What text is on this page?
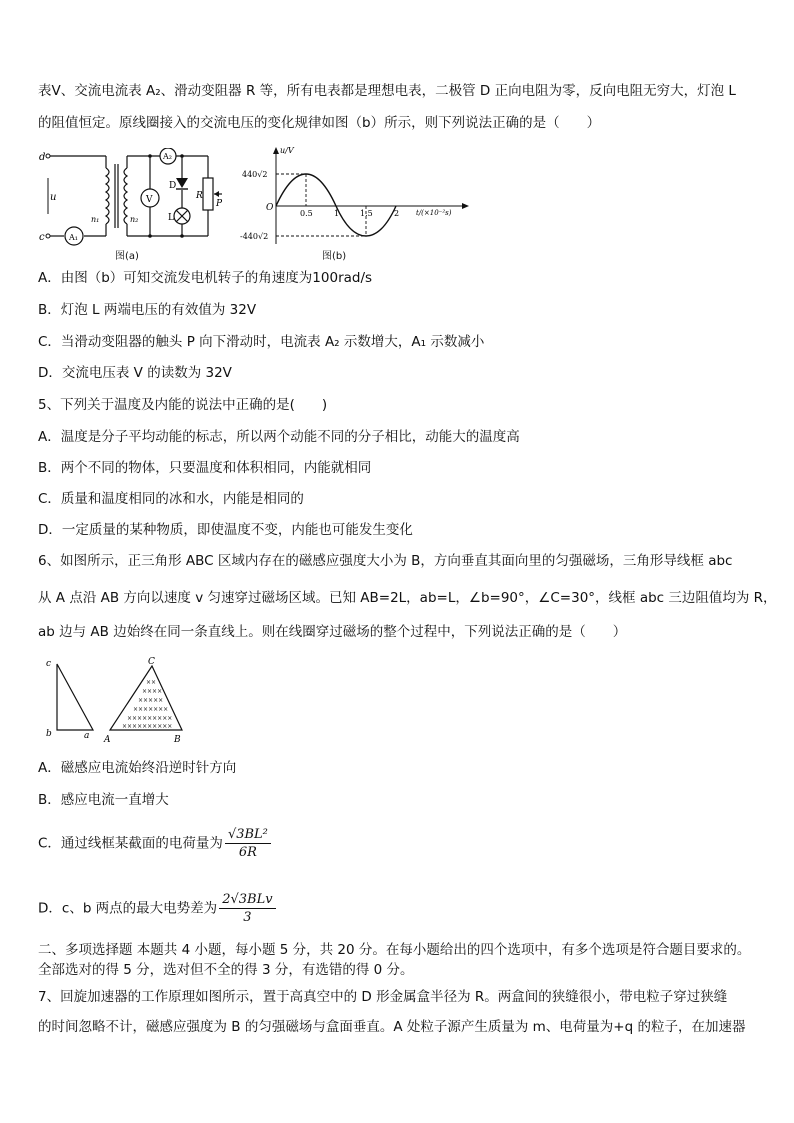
表V、交流电流表 A₂、滑动变阻器 R 等，所有电表都是理想电表，二极管 D 正向电阻为零，反向电阻无穷大，灯泡 L
的阻值恒定。原线圈接入的交流电压的变化规律如图（b）所示，则下列说法正确的是（　　）
d
c
u
n₁	n₂
A₁
A₂
V
D
L
R
P
图(a)
u/V
440√2
-440√2
O
0.5	1	1.5	2 t/(×10⁻²s)
图(b)
A．由图（b）可知交流发电机转子的角速度为100rad/s
B．灯泡 L 两端电压的有效值为 32V
C．当滑动变阻器的触头 P 向下滑动时，电流表 A₂ 示数增大，A₁ 示数减小
D．交流电压表 V 的读数为 32V
5、下列关于温度及内能的说法中正确的是(　　)
A．温度是分子平均动能的标志，所以两个动能不同的分子相比，动能大的温度高
B．两个不同的物体，只要温度和体积相同，内能就相同
C．质量和温度相同的冰和水，内能是相同的
D．一定质量的某种物质，即使温度不变，内能也可能发生变化
6、如图所示，正三角形 ABC 区域内存在的磁感应强度大小为 B，方向垂直其面向里的匀强磁场，三角形导线框 abc
从 A 点沿 AB 方向以速度 v 匀速穿过磁场区域。已知 AB=2L，ab=L，∠b=90°，∠C=30°，线框 abc 三边阻值均为 R，
ab 边与 AB 边始终在同一条直线上。则在线圈穿过磁场的整个过程中，下列说法正确的是（　　）
××
××××
×××××
×××××××
×××××××××
××××××××××
c
b	a A	B
C
A．磁感应电流始终沿逆时针方向
B．感应电流一直增大
C．通过线框某截面的电荷量为 $\frac{\text{√3BL²}}{6R}$
D．c、b 两点的最大电势差为 $\frac{\text{2√3BLv}}{3}$
二、多项选择题 本题共 4 小题，每小题 5 分，共 20 分。在每小题给出的四个选项中，有多个选项是符合题目要求的。
全部选对的得 5 分，选对但不全的得 3 分，有选错的得 0 分。
7、回旋加速器的工作原理如图所示，置于高真空中的 D 形金属盒半径为 R。两盒间的狭缝很小，带电粒子穿过狭缝
的时间忽略不计，磁感应强度为 B 的匀强磁场与盒面垂直。A 处粒子源产生质量为 m、电荷量为+q 的粒子，在加速器
